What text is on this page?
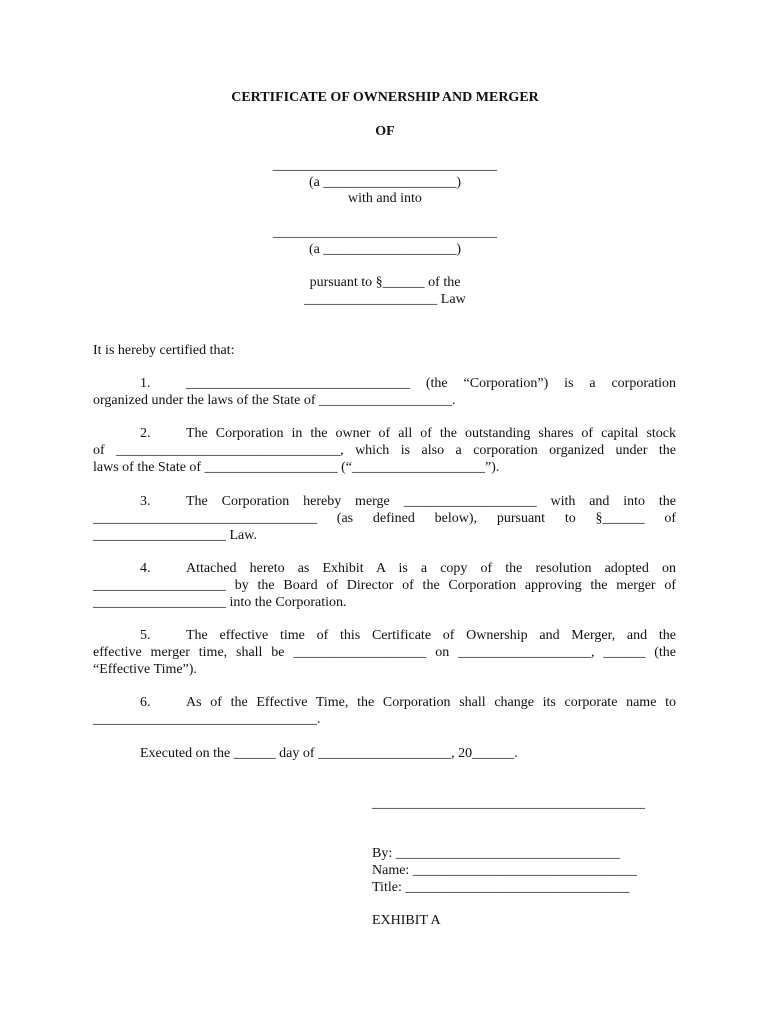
CERTIFICATE OF OWNERSHIP AND MERGER
OF
________________________________
(a ___________________)
with and into
________________________________
(a ___________________)
pursuant to §______ of the
___________________ Law
It is hereby certified that:
1.	________________________________ (the “Corporation”) is a corporation
organized under the laws of the State of ___________________.
2.	The Corporation in the owner of all of the outstanding shares of capital stock
of ________________________________, which is also a corporation organized under the
laws of the State of ___________________ (“___________________”).
3.	The Corporation hereby merge ___________________ with and into the
________________________________ (as defined below), pursuant to §______ of
___________________ Law.
4.	Attached hereto as Exhibit A is a copy of the resolution adopted on
___________________ by the Board of Director of the Corporation approving the merger of
___________________ into the Corporation.
5.	The effective time of this Certificate of Ownership and Merger, and the
effective merger time, shall be ___________________ on ___________________, ______ (the
“Effective Time”).
6.	As of the Effective Time, the Corporation shall change its corporate name to
________________________________.
Executed on the ______ day of ___________________, 20______.
_______________________________________
By: ________________________________
Name: ________________________________
Title: ________________________________
EXHIBIT A
